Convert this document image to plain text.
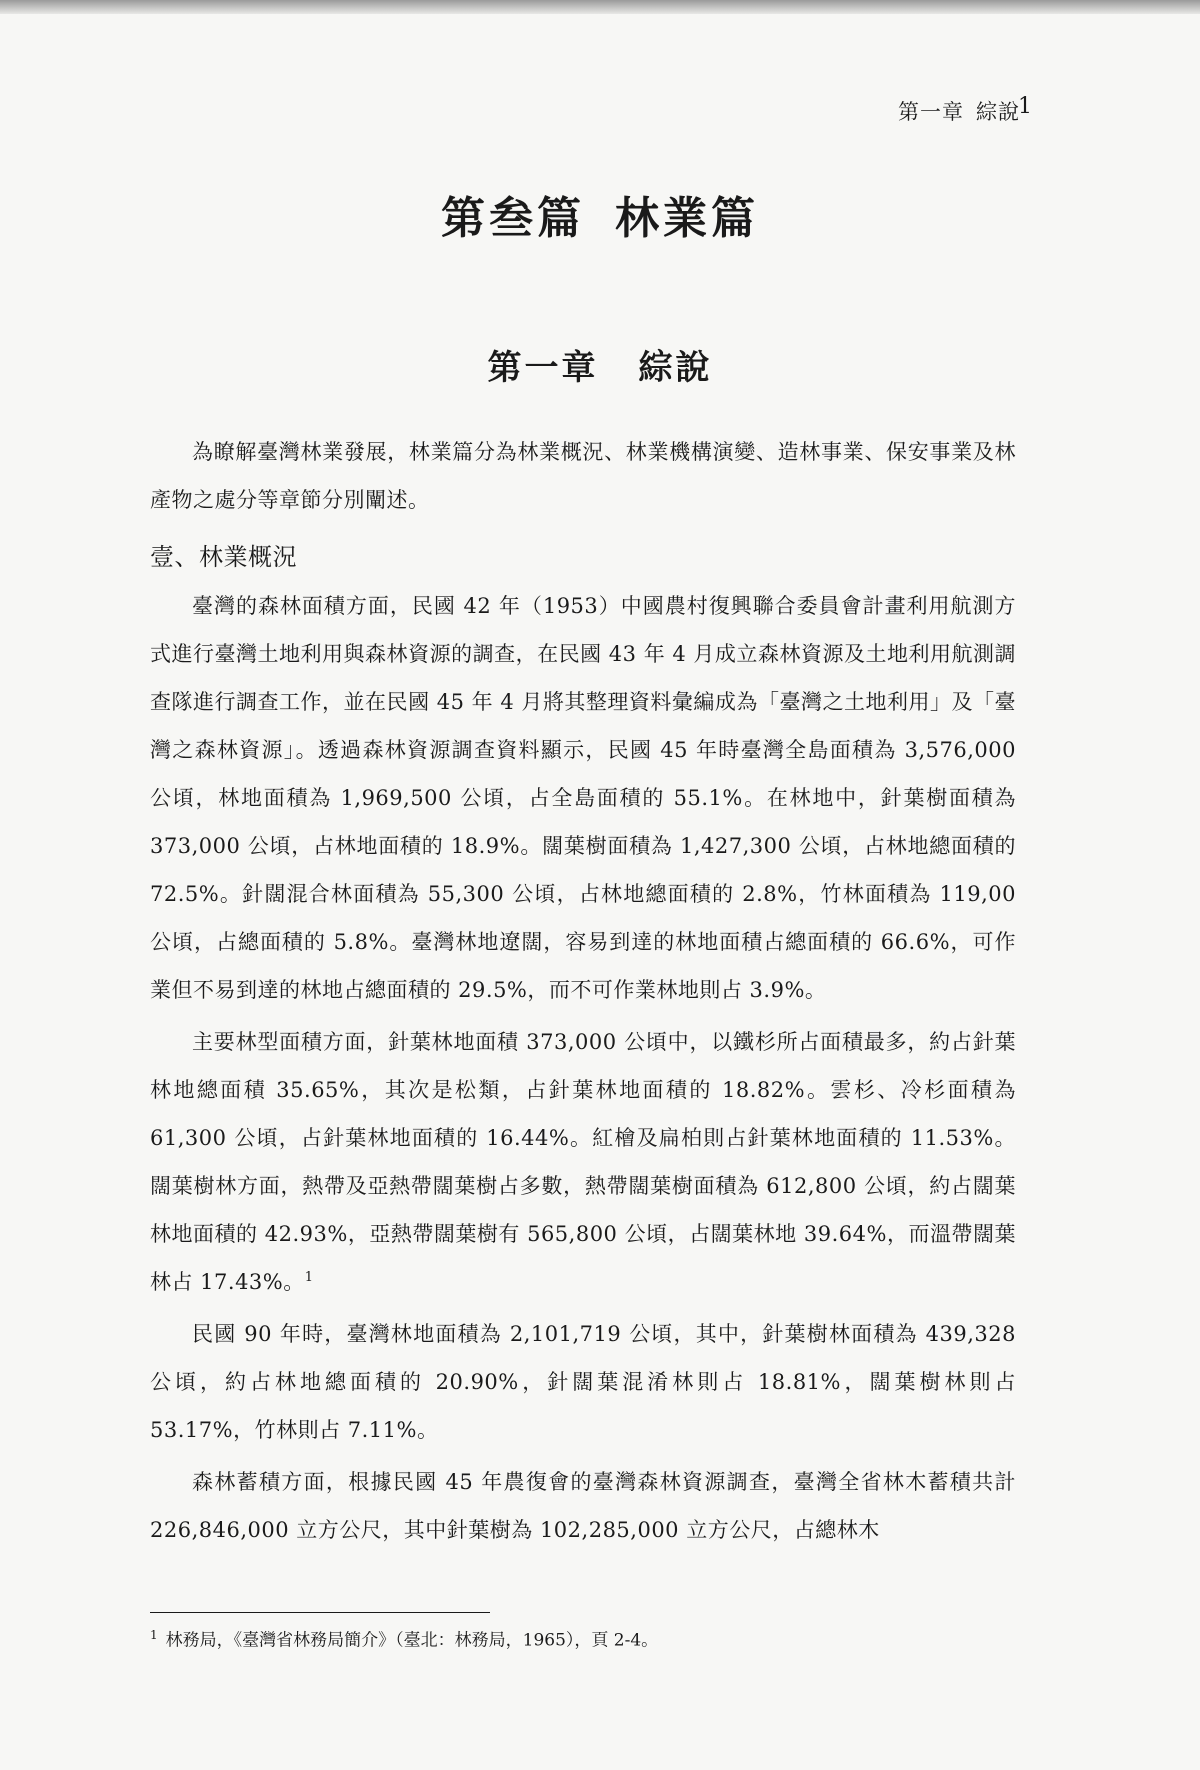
第一章 綜說
1
第叁篇 林業篇
第一章 綜說

為瞭解臺灣林業發展，林業篇分為林業概況、林業機構演變、造林事業、保安事業及林產物之處分等章節分別闡述。

壹、林業概況

臺灣的森林面積方面，民國 42 年（1953）中國農村復興聯合委員會計畫利用航測方式進行臺灣土地利用與森林資源的調查，在民國 43 年 4 月成立森林資源及土地利用航測調查隊進行調查工作，並在民國 45 年 4 月將其整理資料彙編成為「臺灣之土地利用」及「臺灣之森林資源」。透過森林資源調查資料顯示，民國 45 年時臺灣全島面積為 3,576,000 公頃，林地面積為 1,969,500 公頃，占全島面積的 55.1%。在林地中，針葉樹面積為 373,000 公頃，占林地面積的 18.9%。闊葉樹面積為 1,427,300 公頃，占林地總面積的 72.5%。針闊混合林面積為 55,300 公頃，占林地總面積的 2.8%，竹林面積為 119,00 公頃，占總面積的 5.8%。臺灣林地遼闊，容易到達的林地面積占總面積的 66.6%，可作業但不易到達的林地占總面積的 29.5%，而不可作業林地則占 3.9%。

主要林型面積方面，針葉林地面積 373,000 公頃中，以鐵杉所占面積最多，約占針葉林地總面積 35.65%，其次是松類，占針葉林地面積的 18.82%。雲杉、冷杉面積為 61,300 公頃，占針葉林地面積的 16.44%。紅檜及扁柏則占針葉林地面積的 11.53%。闊葉樹林方面，熱帶及亞熱帶闊葉樹占多數，熱帶闊葉樹面積為 612,800 公頃，約占闊葉林地面積的 42.93%，亞熱帶闊葉樹有 565,800 公頃，占闊葉林地 39.64%，而溫帶闊葉林占 17.43%。$^1$

民國 90 年時，臺灣林地面積為 2,101,719 公頃，其中，針葉樹林面積為 439,328 公頃，約占林地總面積的 20.90%，針闊葉混淆林則占 18.81%，闊葉樹林則占 53.17%，竹林則占 7.11%。

森林蓄積方面，根據民國 45 年農復會的臺灣森林資源調查，臺灣全省林木蓄積共計 226,846,000 立方公尺，其中針葉樹為 102,285,000 立方公尺，占總林木

$^1$ 林務局，《臺灣省林務局簡介》（臺北：林務局，1965），頁 2-4。
